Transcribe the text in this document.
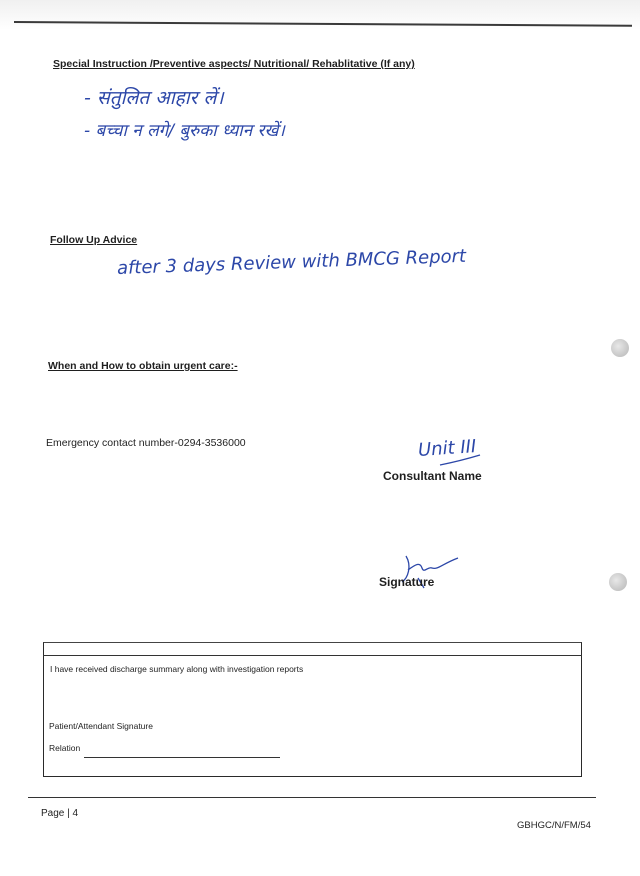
Special Instruction /Preventive aspects/ Nutritional/ Rehablitative (If any)
- संतुलित आहार लें।
- बच्चा न लगे/ बुरुका ध्यान रखें।
Follow Up Advice
after 3 days Review with BMCG Report
When and How to obtain urgent care:-
Emergency contact number-0294-3536000	Unit III
Consultant Name
Signature
I have received discharge summary along with investigation reports
Patient/Attendant Signature
Relation
Page | 4
GBHGC/N/FM/54
